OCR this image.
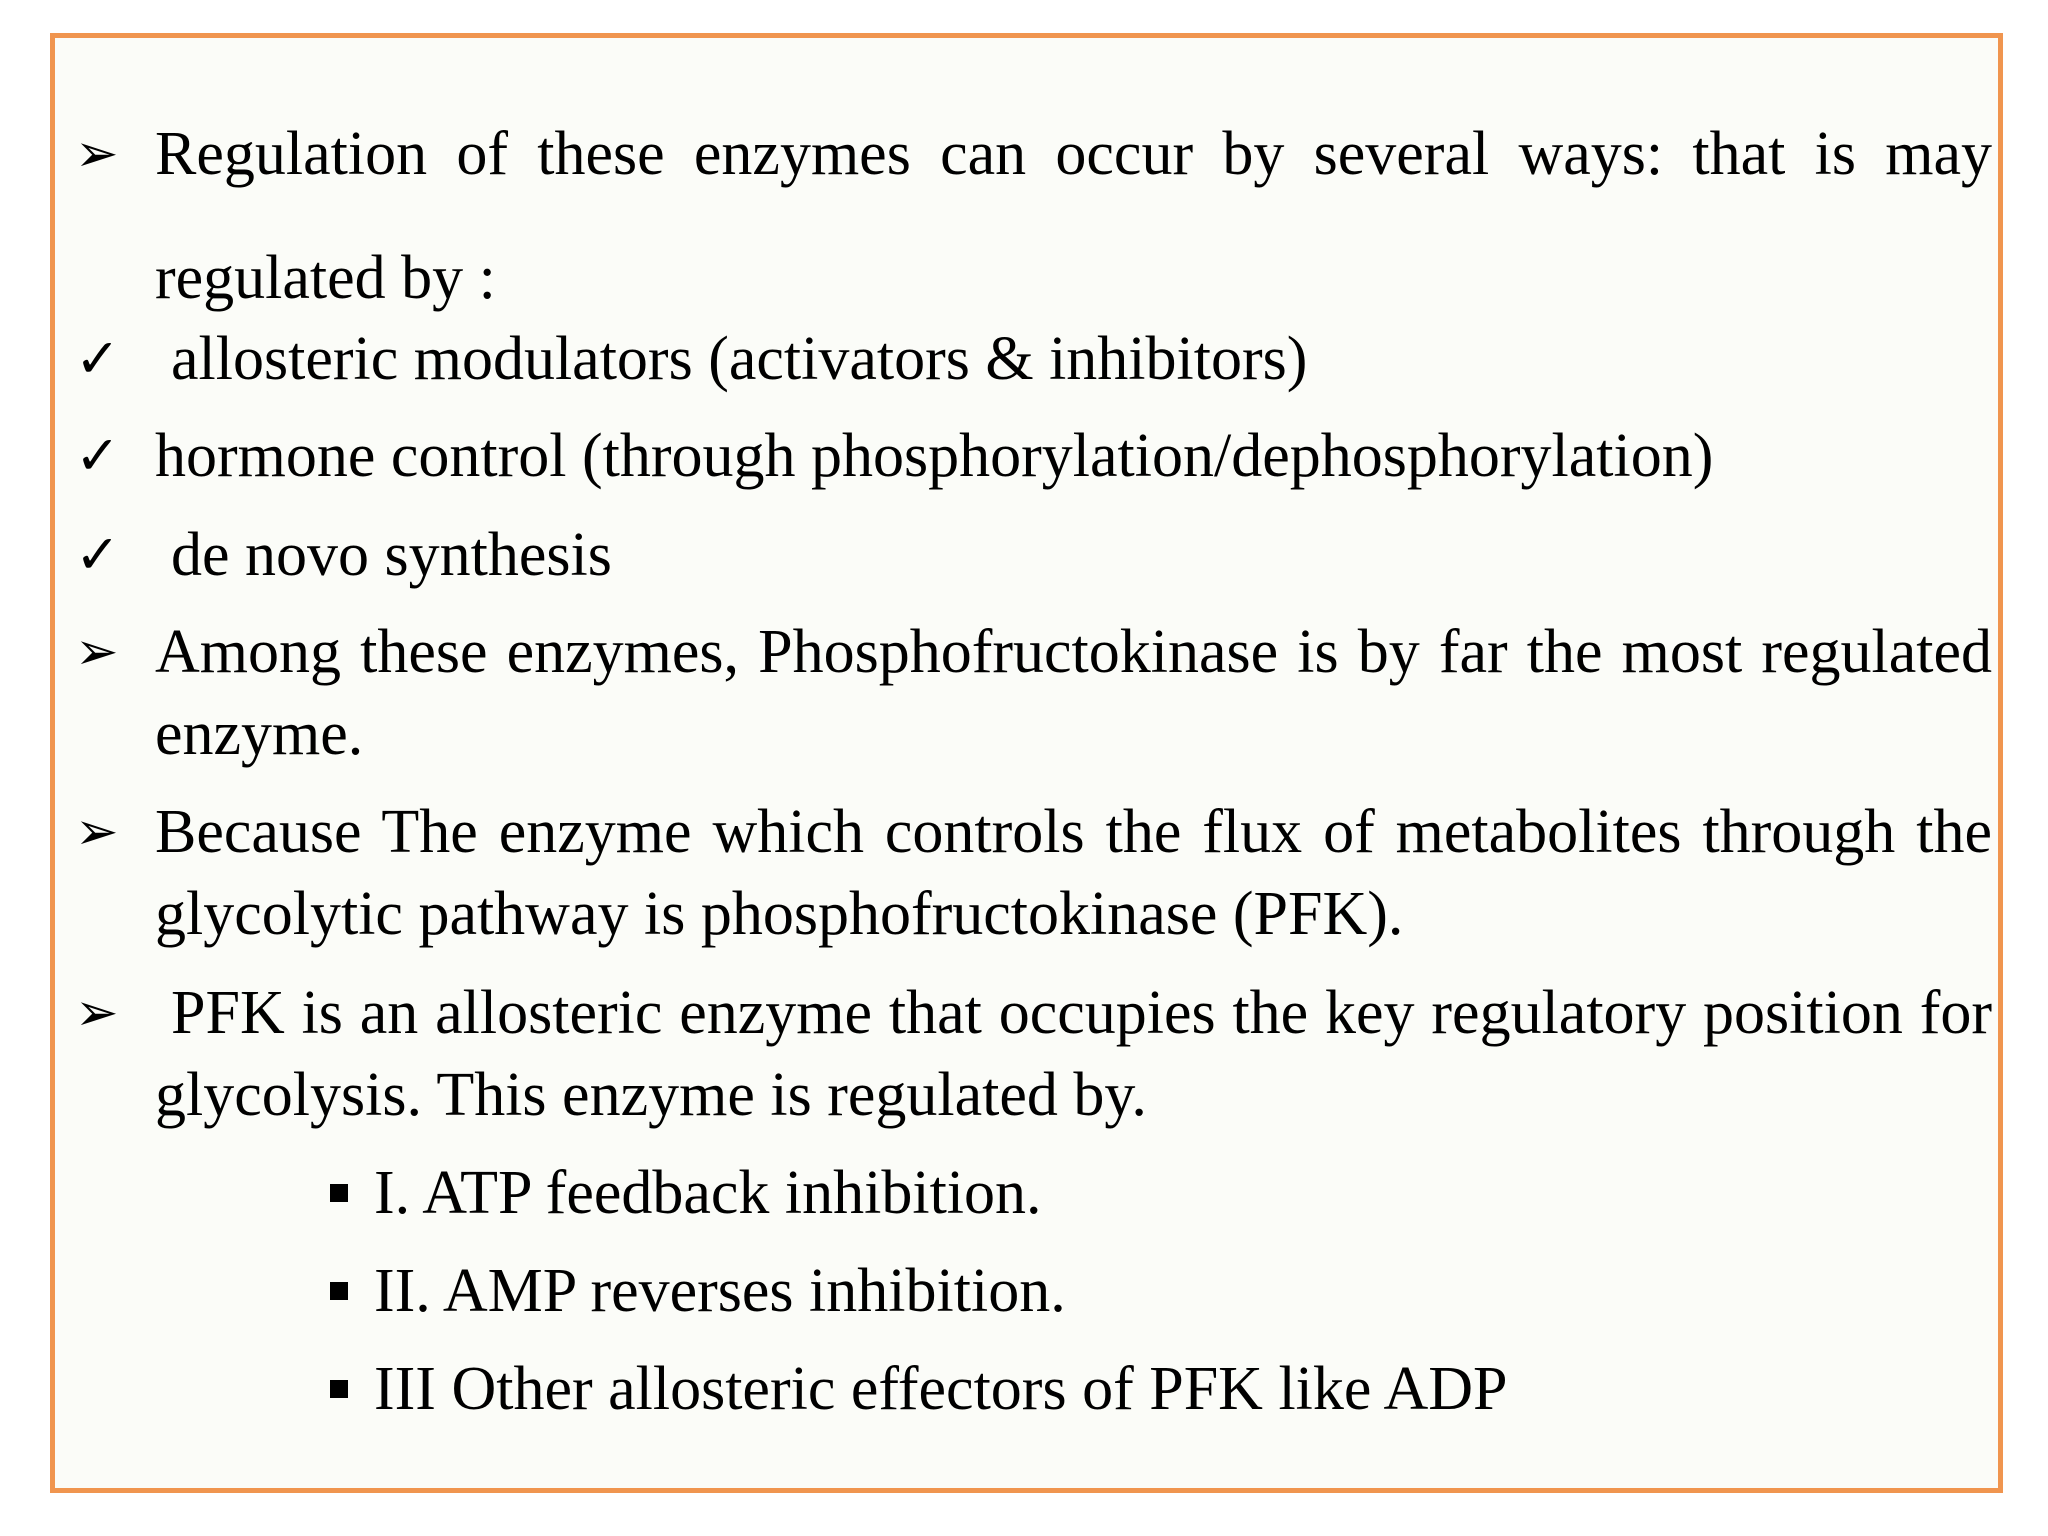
➢ Regulation of these enzymes can occur by several ways: that is may regulated by :

✓ allosteric modulators (activators & inhibitors)

✓ hormone control (through phosphorylation/dephosphorylation)

✓ de novo synthesis

➢ Among these enzymes, Phosphofructokinase is by far the most regulated enzyme.

➢ Because The enzyme which controls the flux of metabolites through the glycolytic pathway is phosphofructokinase (PFK).

➢ PFK is an allosteric enzyme that occupies the key regulatory position for glycolysis. This enzyme is regulated by.

I. ATP feedback inhibition.

II. AMP reverses inhibition.

III Other allosteric effectors of PFK like ADP
